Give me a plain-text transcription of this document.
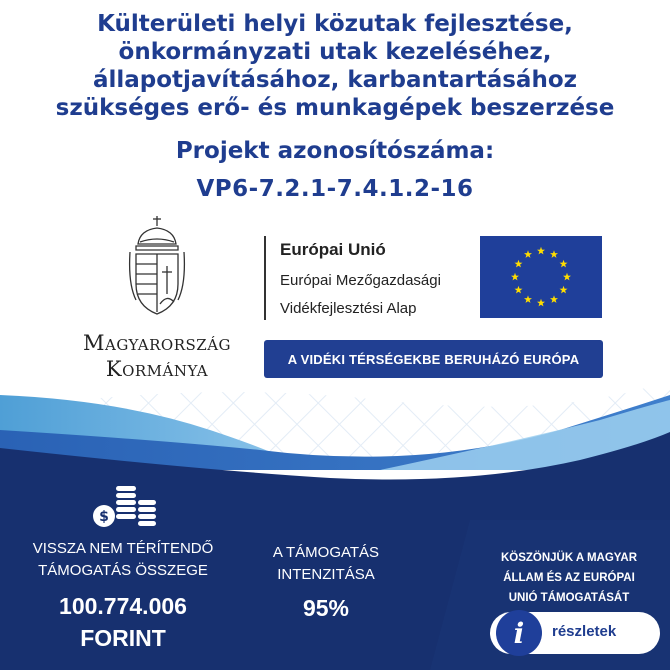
Külterületi helyi közutak fejlesztése,
önkormányzati utak kezeléséhez,
állapotjavításához, karbantartásához
szükséges erő- és munkagépek beszerzése
Projekt azonosítószáma:
VP6-7.2.1-7.4.1.2-16
Magyarország
Kormánya
Európai Unió
Európai Mezőgazdasági
Vidékfejlesztési Alap
A VIDÉKI TÉRSÉGEKBE BERUHÁZÓ EURÓPA
$
VISSZA NEM TÉRÍTENDŐ
TÁMOGATÁS ÖSSZEGE
100.774.006
FORINT
A TÁMOGATÁS
INTENZITÁSA
95%
KÖSZÖNJÜK A MAGYAR
ÁLLAM ÉS AZ EURÓPAI
UNIÓ TÁMOGATÁSÁT
i	részletek
